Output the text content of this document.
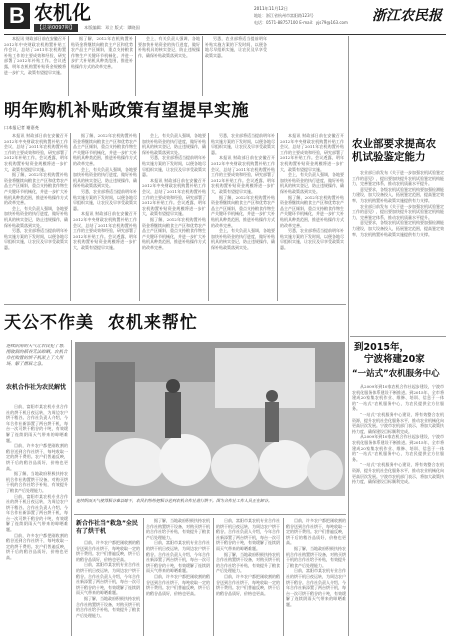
B 农机化
【总第0097期】	本版编辑：邓立 版式：谭晓国
2011年11月12日
地址：浙江省杭州市富阳路123号
电话：0571-88757100 E-mail：yjs79@163.com 浙江农民报
明年购机补贴政策有望提早实施
口本报记者 谢嘉尧

本报讯 财政部日前在安徽召开2012年中央财政农机购置补贴工作会议，总结了2011年农机购置补贴工作的主要成效和经验，研究部署了2012年补贴工作。会议透露，明年农机购置补贴资金规模将进一步扩大，政策有望提早实施。

据了解，2012年农机购置补贴资金将继续向粮食主产区和优势农产品主产区倾斜，重点支持粮食作物生产关键环节机械化，并进一步扩大补贴机具种类范围，推进补贴操作方式的改革完善。

会上，有关负责人强调，各地要加快补贴资金的执行进度，做好补贴机具的核实登记，防止违规操作，确保补贴政策落到实处。

另悉，农业部将适当提前明年补贴实施方案的下发时间，以便各地尽早组织实施，让农民及早享受政策实惠。

本报讯 财政部日前在安徽召开2012年中央财政农机购置补贴工作会议，总结了2011年农机购置补贴工作的主要成效和经验，研究部署了2012年补贴工作。会议透露，明年农机购置补贴资金规模将进一步扩大，政策有望提早实施。

据了解，2012年农机购置补贴资金将继续向粮食主产区和优势农产品主产区倾斜，重点支持粮食作物生产关键环节机械化，并进一步扩大补贴机具种类范围，推进补贴操作方式的改革完善。

会上，有关负责人强调，各地要加快补贴资金的执行进度，做好补贴机具的核实登记，防止违规操作，确保补贴政策落到实处。

另悉，农业部将适当提前明年补贴实施方案的下发时间，以便各地尽早组织实施，让农民及早享受政策实惠。

据了解，2012年农机购置补贴资金将继续向粮食主产区和优势农产品主产区倾斜，重点支持粮食作物生产关键环节机械化，并进一步扩大补贴机具种类范围，推进补贴操作方式的改革完善。

会上，有关负责人强调，各地要加快补贴资金的执行进度，做好补贴机具的核实登记，防止违规操作，确保补贴政策落到实处。

另悉，农业部将适当提前明年补贴实施方案的下发时间，以便各地尽早组织实施，让农民及早享受政策实惠。

本报讯 财政部日前在安徽召开2012年中央财政农机购置补贴工作会议，总结了2011年农机购置补贴工作的主要成效和经验，研究部署了2012年补贴工作。会议透露，明年农机购置补贴资金规模将进一步扩大，政策有望提早实施。

会上，有关负责人强调，各地要加快补贴资金的执行进度，做好补贴机具的核实登记，防止违规操作，确保补贴政策落到实处。

另悉，农业部将适当提前明年补贴实施方案的下发时间，以便各地尽早组织实施，让农民及早享受政策实惠。

本报讯 财政部日前在安徽召开2012年中央财政农机购置补贴工作会议，总结了2011年农机购置补贴工作的主要成效和经验，研究部署了2012年补贴工作。会议透露，明年农机购置补贴资金规模将进一步扩大，政策有望提早实施。

据了解，2012年农机购置补贴资金将继续向粮食主产区和优势农产品主产区倾斜，重点支持粮食作物生产关键环节机械化，并进一步扩大补贴机具种类范围，推进补贴操作方式的改革完善。

另悉，农业部将适当提前明年补贴实施方案的下发时间，以便各地尽早组织实施，让农民及早享受政策实惠。

本报讯 财政部日前在安徽召开2012年中央财政农机购置补贴工作会议，总结了2011年农机购置补贴工作的主要成效和经验，研究部署了2012年补贴工作。会议透露，明年农机购置补贴资金规模将进一步扩大，政策有望提早实施。

据了解，2012年农机购置补贴资金将继续向粮食主产区和优势农产品主产区倾斜，重点支持粮食作物生产关键环节机械化，并进一步扩大补贴机具种类范围，推进补贴操作方式的改革完善。

会上，有关负责人强调，各地要加快补贴资金的执行进度，做好补贴机具的核实登记，防止违规操作，确保补贴政策落到实处。

本报讯 财政部日前在安徽召开2012年中央财政农机购置补贴工作会议，总结了2011年农机购置补贴工作的主要成效和经验，研究部署了2012年补贴工作。会议透露，明年农机购置补贴资金规模将进一步扩大，政策有望提早实施。

会上，有关负责人强调，各地要加快补贴资金的执行进度，做好补贴机具的核实登记，防止违规操作，确保补贴政策落到实处。

据了解，2012年农机购置补贴资金将继续向粮食主产区和优势农产品主产区倾斜，重点支持粮食作物生产关键环节机械化，并进一步扩大补贴机具种类范围，推进补贴操作方式的改革完善。

另悉，农业部将适当提前明年补贴实施方案的下发时间，以便各地尽早组织实施，让农民及早享受政策实惠。

农业部要求提高农机试验鉴定能力

农业部日前发布《关于进一步加强农机试验鉴定工作的意见》，提出要加快提升农机试验鉴定机构能力，完善鉴定体系，推动农机质量水平提升。

意见要求，各级农机试验鉴定机构要加强检测能力建设，加大设备投入，拓展鉴定范围，提高鉴定效率，为农机购置补贴政策实施提供有力支撑。

农业部日前发布《关于进一步加强农机试验鉴定工作的意见》，提出要加快提升农机试验鉴定机构能力，完善鉴定体系，推动农机质量水平提升。

意见要求，各级农机试验鉴定机构要加强检测能力建设，加大设备投入，拓展鉴定范围，提高鉴定效率，为农机购置补贴政策实施提供有力支撑。

天公不作美  农机来帮忙
连续阴雨的天气让农民犯了愁，刚收割的稻谷无法晾晒。农机合作社购置的烘干机派上了大用场，解了燃眉之急。
农机合作社为农民解忧

日前，富阳市某农机专业合作社的烘干机日夜运转，为周边农户烘干稻谷。合作社负责人介绍，今年合作社新添置了两台烘干机，每台一次可烘干稻谷约十吨，有效缓解了连续阴雨天气带来的晾晒难题。

目前，许多农户都把刚收割的稻谷送到合作社烘干，每吨收取一定的烘干费用。农户们普遍反映，烘干后的稻谷品质好，价格也更高。

据了解，当地政府积极扶持农机合作社购置烘干设备，对购买烘干机的合作社给予补贴，有效提升了粮食产后处理能力。

日前，富阳市某农机专业合作社的烘干机日夜运转，为周边农户烘干稻谷。合作社负责人介绍，今年合作社新添置了两台烘干机，每台一次可烘干稻谷约十吨，有效缓解了连续阴雨天气带来的晾晒难题。

目前，许多农户都把刚收割的稻谷送到合作社烘干，每吨收取一定的烘干费用。农户们普遍反映，烘干后的稻谷品质好，价格也更高。

连续阴雨天气使得稻谷难以晾干，农民们纷纷把稻谷送到农机合作社进行烘干。图为合作社工作人员正在卸谷。
新合作社当“救急”全民有了烘干机

目前，许多农户都把刚收割的稻谷送到合作社烘干，每吨收取一定的烘干费用。农户们普遍反映，烘干后的稻谷品质好，价格也更高。

日前，富阳市某农机专业合作社的烘干机日夜运转，为周边农户烘干稻谷。合作社负责人介绍，今年合作社新添置了两台烘干机，每台一次可烘干稻谷约十吨，有效缓解了连续阴雨天气带来的晾晒难题。

据了解，当地政府积极扶持农机合作社购置烘干设备，对购买烘干机的合作社给予补贴，有效提升了粮食产后处理能力。

据了解，当地政府积极扶持农机合作社购置烘干设备，对购买烘干机的合作社给予补贴，有效提升了粮食产后处理能力。

日前，富阳市某农机专业合作社的烘干机日夜运转，为周边农户烘干稻谷。合作社负责人介绍，今年合作社新添置了两台烘干机，每台一次可烘干稻谷约十吨，有效缓解了连续阴雨天气带来的晾晒难题。

目前，许多农户都把刚收割的稻谷送到合作社烘干，每吨收取一定的烘干费用。农户们普遍反映，烘干后的稻谷品质好，价格也更高。

日前，富阳市某农机专业合作社的烘干机日夜运转，为周边农户烘干稻谷。合作社负责人介绍，今年合作社新添置了两台烘干机，每台一次可烘干稻谷约十吨，有效缓解了连续阴雨天气带来的晾晒难题。

据了解，当地政府积极扶持农机合作社购置烘干设备，对购买烘干机的合作社给予补贴，有效提升了粮食产后处理能力。

目前，许多农户都把刚收割的稻谷送到合作社烘干，每吨收取一定的烘干费用。农户们普遍反映，烘干后的稻谷品质好，价格也更高。

目前，许多农户都把刚收割的稻谷送到合作社烘干，每吨收取一定的烘干费用。农户们普遍反映，烘干后的稻谷品质好，价格也更高。

据了解，当地政府积极扶持农机合作社购置烘干设备，对购买烘干机的合作社给予补贴，有效提升了粮食产后处理能力。

日前，富阳市某农机专业合作社的烘干机日夜运转，为周边农户烘干稻谷。合作社负责人介绍，今年合作社新添置了两台烘干机，每台一次可烘干稻谷约十吨，有效缓解了连续阴雨天气带来的晾晒难题。

到2015年，
宁波将建20家
“一站式”农机服务中心

从2009年到10家农机合作社起步建设，宁波市农机化服务体系建设不断推进。到2015年，全市将建成20家集农机作业、维修、培训、信息于一体的“一站式”农机服务中心，为农民提供全方位服务。

“一站式”农机服务中心建设，将有效整合农机资源，提升农机社会化服务水平，推动农业机械化向更高层次发展。宁波市农机部门表示，将加大政策扶持力度，确保建设目标顺利完成。

从2009年到10家农机合作社起步建设，宁波市农机化服务体系建设不断推进。到2015年，全市将建成20家集农机作业、维修、培训、信息于一体的“一站式”农机服务中心，为农民提供全方位服务。

“一站式”农机服务中心建设，将有效整合农机资源，提升农机社会化服务水平，推动农业机械化向更高层次发展。宁波市农机部门表示，将加大政策扶持力度，确保建设目标顺利完成。
